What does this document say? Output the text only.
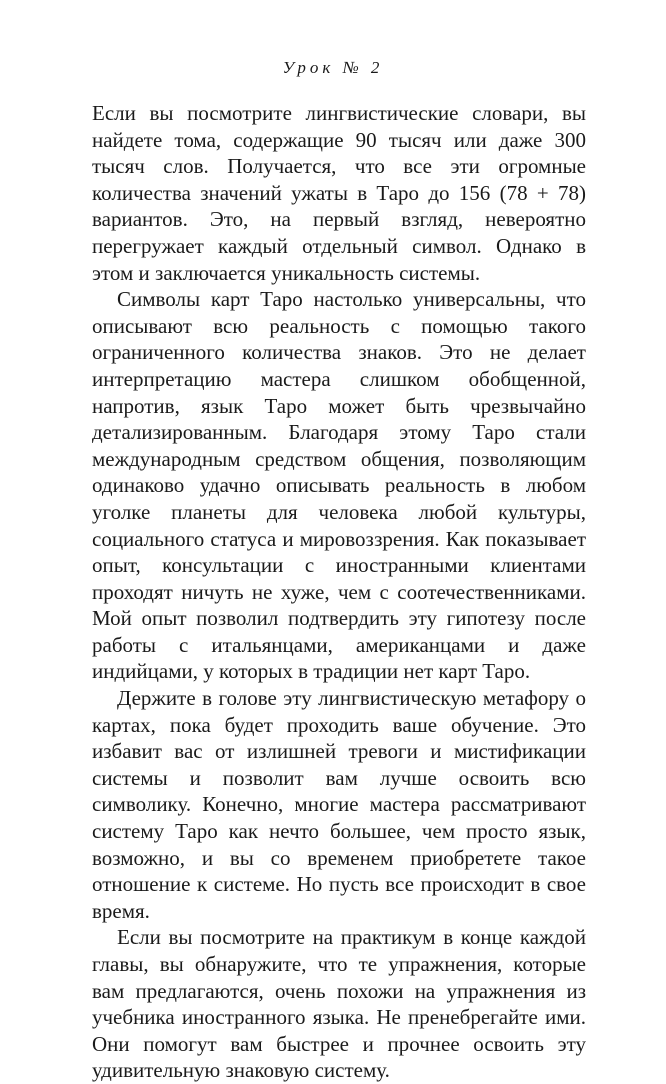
Урок № 2

Если вы посмотрите лингвистические словари, вы найдете тома, содержащие 90 тысяч или даже 300 тысяч слов. Получается, что все эти огромные количества значений ужаты в Таро до 156 (78 + 78) вариантов. Это, на первый взгляд, невероятно перегружает каждый отдельный символ. Однако в этом и заключается уникальность системы.

Символы карт Таро настолько универсальны, что описывают всю реальность с помощью такого ограниченного количества знаков. Это не делает интерпретацию мастера слишком обобщенной, напротив, язык Таро может быть чрезвычайно детализированным. Благодаря этому Таро стали международным средством общения, позволяющим одинаково удачно описывать реальность в любом уголке планеты для человека любой культуры, социального статуса и мировоззрения. Как показывает опыт, консультации с иностранными клиентами проходят ничуть не хуже, чем с соотечественниками. Мой опыт позволил подтвердить эту гипотезу после работы с итальянцами, американцами и даже индийцами, у которых в традиции нет карт Таро.

Держите в голове эту лингвистическую метафору о картах, пока будет проходить ваше обучение. Это избавит вас от излишней тревоги и мистификации системы и позволит вам лучше освоить всю символику. Конечно, многие мастера рассматривают систему Таро как нечто большее, чем просто язык, возможно, и вы со временем приобретете такое отношение к системе. Но пусть все происходит в свое время.

Если вы посмотрите на практикум в конце каждой главы, вы обнаружите, что те упражнения, которые вам предлагаются, очень похожи на упражнения из учебника иностранного языка. Не пренебрегайте ими. Они помогут вам быстрее и прочнее освоить эту удивительную знаковую систему.
